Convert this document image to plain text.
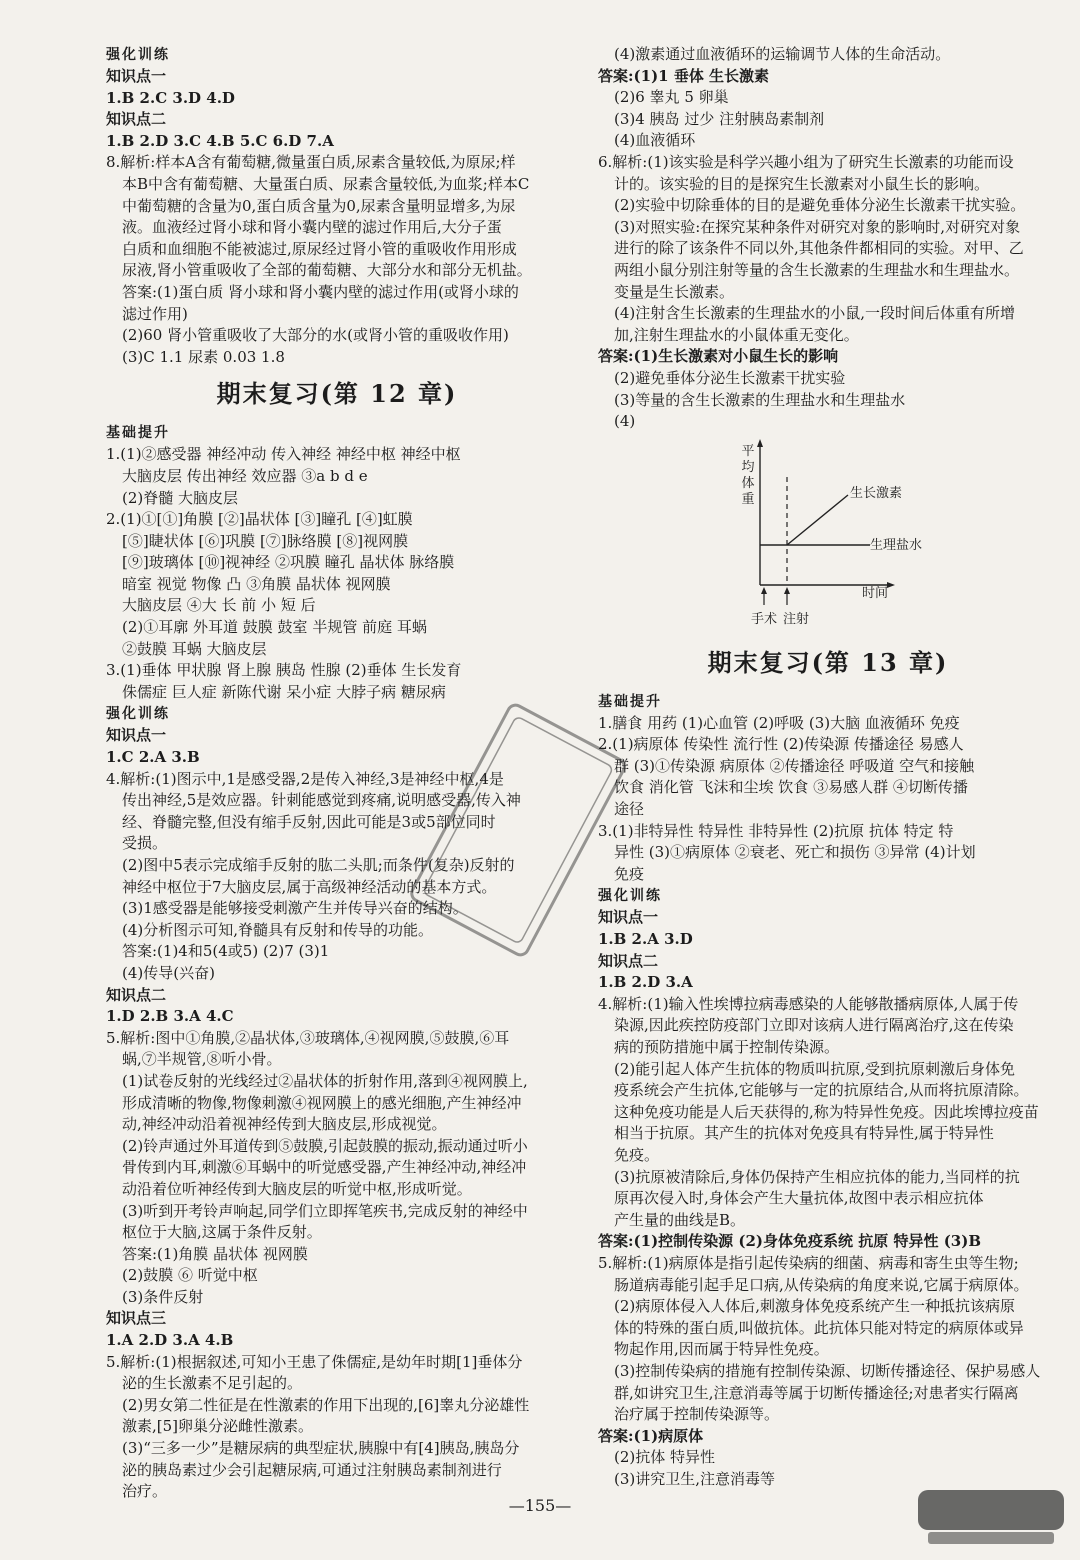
强化训练
知识点一
1.B 2.C 3.D 4.D
知识点二
1.B 2.D 3.C 4.B 5.C 6.D 7.A
8.解析:样本A含有葡萄糖,微量蛋白质,尿素含量较低,为原尿;样
本B中含有葡萄糖、大量蛋白质、尿素含量较低,为血浆;样本C
中葡萄糖的含量为0,蛋白质含量为0,尿素含量明显增多,为尿
液。血液经过肾小球和肾小囊内壁的滤过作用后,大分子蛋
白质和血细胞不能被滤过,原尿经过肾小管的重吸收作用形成
尿液,肾小管重吸收了全部的葡萄糖、大部分水和部分无机盐。
答案:(1)蛋白质 肾小球和肾小囊内壁的滤过作用(或肾小球的
滤过作用)
(2)60 肾小管重吸收了大部分的水(或肾小管的重吸收作用)
(3)C 1.1 尿素 0.03 1.8
期末复习(第 12 章)
基础提升
1.(1)②感受器 神经冲动 传入神经 神经中枢 神经中枢
大脑皮层 传出神经 效应器 ③a b d e
(2)脊髓 大脑皮层
2.(1)①[①]角膜 [②]晶状体 [③]瞳孔 [④]虹膜
[⑤]睫状体 [⑥]巩膜 [⑦]脉络膜 [⑧]视网膜
[⑨]玻璃体 [⑩]视神经 ②巩膜 瞳孔 晶状体 脉络膜
暗室 视觉 物像 凸 ③角膜 晶状体 视网膜
大脑皮层 ④大 长 前 小 短 后
(2)①耳廓 外耳道 鼓膜 鼓室 半规管 前庭 耳蜗
②鼓膜 耳蜗 大脑皮层
3.(1)垂体 甲状腺 肾上腺 胰岛 性腺 (2)垂体 生长发育
侏儒症 巨人症 新陈代谢 呆小症 大脖子病 糖尿病
强化训练
知识点一
1.C 2.A 3.B
4.解析:(1)图示中,1是感受器,2是传入神经,3是神经中枢,4是
传出神经,5是效应器。针刺能感觉到疼痛,说明感受器,传入神
经、脊髓完整,但没有缩手反射,因此可能是3或5部位同时
受损。
(2)图中5表示完成缩手反射的肱二头肌;而条件(复杂)反射的
神经中枢位于7大脑皮层,属于高级神经活动的基本方式。
(3)1感受器是能够接受刺激产生并传导兴奋的结构。
(4)分析图示可知,脊髓具有反射和传导的功能。
答案:(1)4和5(4或5) (2)7 (3)1
(4)传导(兴奋)
知识点二
1.D 2.B 3.A 4.C
5.解析:图中①角膜,②晶状体,③玻璃体,④视网膜,⑤鼓膜,⑥耳
蜗,⑦半规管,⑧听小骨。
(1)试卷反射的光线经过②晶状体的折射作用,落到④视网膜上,
形成清晰的物像,物像刺激④视网膜上的感光细胞,产生神经冲
动,神经冲动沿着视神经传到大脑皮层,形成视觉。
(2)铃声通过外耳道传到⑤鼓膜,引起鼓膜的振动,振动通过听小
骨传到内耳,刺激⑥耳蜗中的听觉感受器,产生神经冲动,神经冲
动沿着位听神经传到大脑皮层的听觉中枢,形成听觉。
(3)听到开考铃声响起,同学们立即挥笔疾书,完成反射的神经中
枢位于大脑,这属于条件反射。
答案:(1)角膜 晶状体 视网膜
(2)鼓膜 ⑥ 听觉中枢
(3)条件反射
知识点三
1.A 2.D 3.A 4.B
5.解析:(1)根据叙述,可知小王患了侏儒症,是幼年时期[1]垂体分
泌的生长激素不足引起的。
(2)男女第二性征是在性激素的作用下出现的,[6]睾丸分泌雄性
激素,[5]卵巢分泌雌性激素。
(3)“三多一少”是糖尿病的典型症状,胰腺中有[4]胰岛,胰岛分
泌的胰岛素过少会引起糖尿病,可通过注射胰岛素制剂进行
治疗。
(4)激素通过血液循环的运输调节人体的生命活动。
答案:(1)1 垂体 生长激素
(2)6 睾丸 5 卵巢
(3)4 胰岛 过少 注射胰岛素制剂
(4)血液循环
6.解析:(1)该实验是科学兴趣小组为了研究生长激素的功能而设
计的。该实验的目的是探究生长激素对小鼠生长的影响。
(2)实验中切除垂体的目的是避免垂体分泌生长激素干扰实验。
(3)对照实验:在探究某种条件对研究对象的影响时,对研究对象
进行的除了该条件不同以外,其他条件都相同的实验。对甲、乙
两组小鼠分别注射等量的含生长激素的生理盐水和生理盐水。
变量是生长激素。
(4)注射含生长激素的生理盐水的小鼠,一段时间后体重有所增
加,注射生理盐水的小鼠体重无变化。
答案:(1)生长激素对小鼠生长的影响
(2)避免垂体分泌生长激素干扰实验
(3)等量的含生长激素的生理盐水和生理盐水
(4)
平
均
体
重	生长激素
生理盐水
时间
手术 注射
期末复习(第 13 章)
基础提升
1.膳食 用药 (1)心血管 (2)呼吸 (3)大脑 血液循环 免疫
2.(1)病原体 传染性 流行性 (2)传染源 传播途径 易感人
群 (3)①传染源 病原体 ②传播途径 呼吸道 空气和接触
饮食 消化管 飞沫和尘埃 饮食 ③易感人群 ④切断传播
途径
3.(1)非特异性 特异性 非特异性 (2)抗原 抗体 特定 特
异性 (3)①病原体 ②衰老、死亡和损伤 ③异常 (4)计划
免疫
强化训练
知识点一
1.B 2.A 3.D
知识点二
1.B 2.D 3.A
4.解析:(1)输入性埃博拉病毒感染的人能够散播病原体,人属于传
染源,因此疾控防疫部门立即对该病人进行隔离治疗,这在传染
病的预防措施中属于控制传染源。
(2)能引起人体产生抗体的物质叫抗原,受到抗原刺激后身体免
疫系统会产生抗体,它能够与一定的抗原结合,从而将抗原清除。
这种免疫功能是人后天获得的,称为特异性免疫。因此埃博拉疫苗
相当于抗原。其产生的抗体对免疫具有特异性,属于特异性
免疫。
(3)抗原被清除后,身体仍保持产生相应抗体的能力,当同样的抗
原再次侵入时,身体会产生大量抗体,故图中表示相应抗体
产生量的曲线是B。
答案:(1)控制传染源 (2)身体免疫系统 抗原 特异性 (3)B
5.解析:(1)病原体是指引起传染病的细菌、病毒和寄生虫等生物;
肠道病毒能引起手足口病,从传染病的角度来说,它属于病原体。
(2)病原体侵入人体后,刺激身体免疫系统产生一种抵抗该病原
体的特殊的蛋白质,叫做抗体。此抗体只能对特定的病原体或异
物起作用,因而属于特异性免疫。
(3)控制传染病的措施有控制传染源、切断传播途径、保护易感人
群,如讲究卫生,注意消毒等属于切断传播途径;对患者实行隔离
治疗属于控制传染源等。
答案:(1)病原体
(2)抗体 特异性
(3)讲究卫生,注意消毒等
—155—
